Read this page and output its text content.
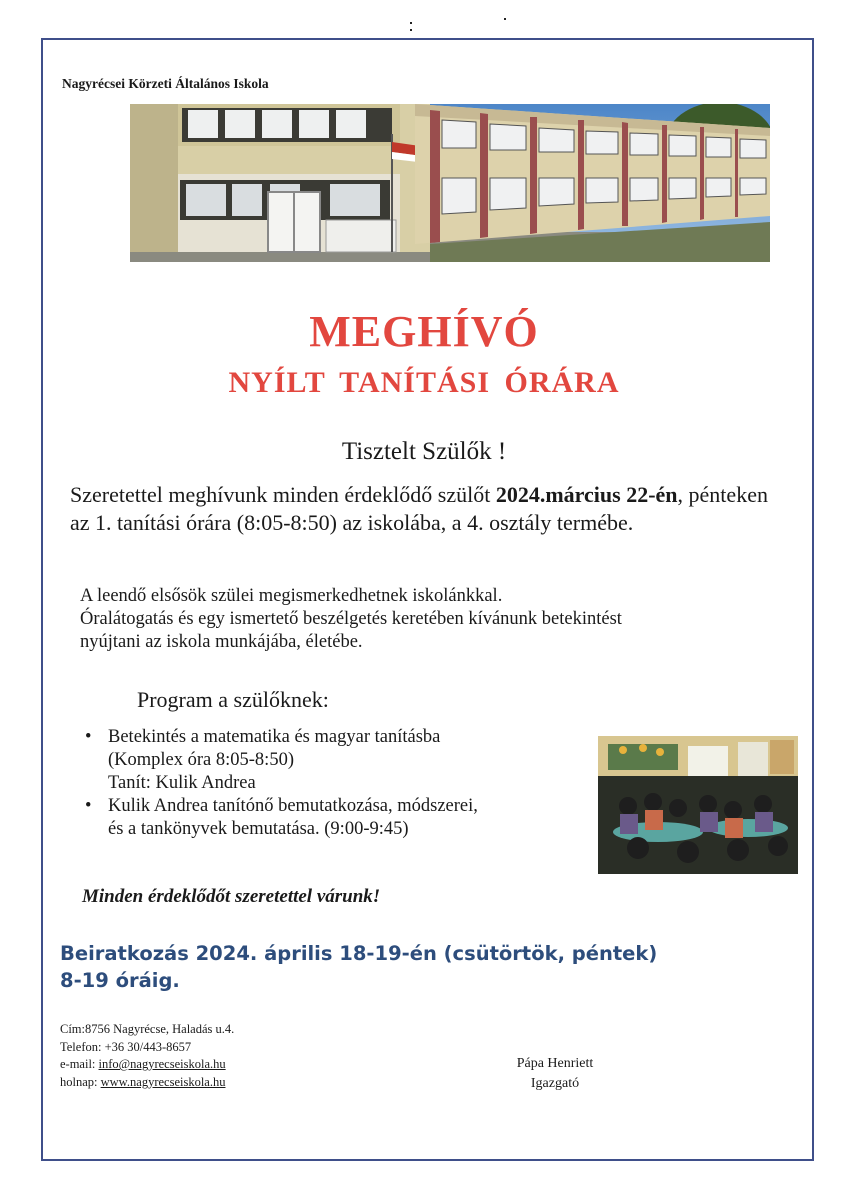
Nagyrécsei Körzeti Általános Iskola
MEGHÍVÓ
NYÍLT TANÍTÁSI ÓRÁRA
Tisztelt Szülők !
Szeretettel meghívunk minden érdeklődő szülőt 2024.március 22-én, pénteken az 1. tanítási órára (8:05-8:50) az iskolába, a 4. osztály termébe.
A leendő elsősök szülei megismerkedhetnek iskolánkkal.
Óralátogatás és egy ismertető beszélgetés keretében kívánunk betekintést
nyújtani az iskola munkájába, életébe.
Program a szülőknek:
• Betekintés a matematika és magyar tanításba
(Komplex óra 8:05-8:50)
Tanít: Kulik Andrea
• Kulik Andrea tanítónő bemutatkozása, módszerei,
és a tankönyvek bemutatása. (9:00-9:45)
Minden érdeklődőt szeretettel várunk!
Beiratkozás 2024. április 18-19-én (csütörtök, péntek)
8-19 óráig.
Cím:8756 Nagyrécse, Haladás u.4.
Telefon: +36 30/443-8657
e-mail: info@nagyrecseiskola.hu
holnap: www.nagyrecseiskola.hu
Pápa Henriett
Igazgató
